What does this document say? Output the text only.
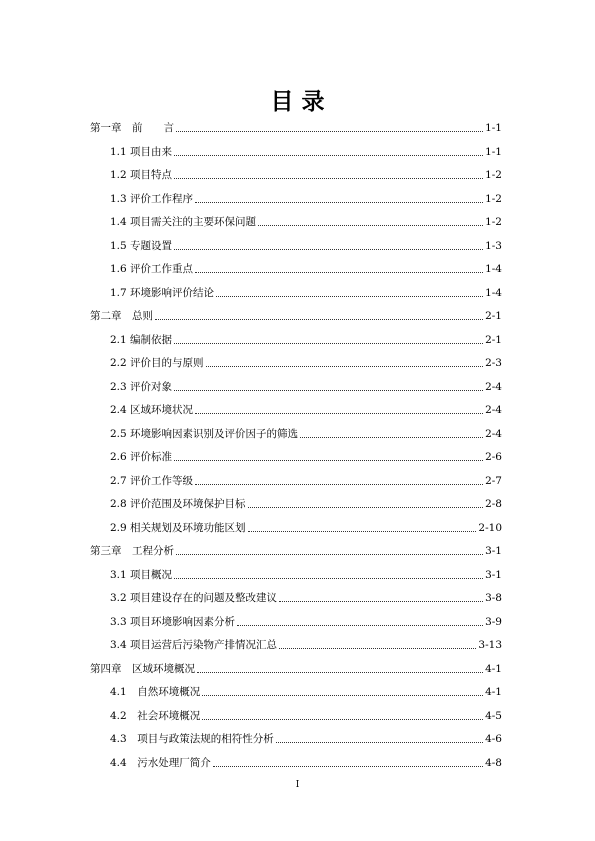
目 录
第一章　前　　言	1-1
1.1 项目由来	1-1
1.2 项目特点	1-2
1.3 评价工作程序	1-2
1.4 项目需关注的主要环保问题	1-2
1.5 专题设置	1-3
1.6 评价工作重点	1-4
1.7 环境影响评价结论	1-4
第二章　总则	2-1
2.1 编制依据	2-1
2.2 评价目的与原则	2-3
2.3 评价对象	2-4
2.4 区域环境状况	2-4
2.5 环境影响因素识别及评价因子的筛选	2-4
2.6 评价标准	2-6
2.7 评价工作等级	2-7
2.8 评价范围及环境保护目标	2-8
2.9 相关规划及环境功能区划	2-10
第三章　工程分析	3-1
3.1 项目概况	3-1
3.2 项目建设存在的问题及整改建议	3-8
3.3 项目环境影响因素分析	3-9
3.4 项目运营后污染物产排情况汇总	3-13
第四章　区域环境概况	4-1
4.1　自然环境概况	4-1
4.2　社会环境概况	4-5
4.3　项目与政策法规的相符性分析	4-6
4.4　污水处理厂简介	4-8
I
